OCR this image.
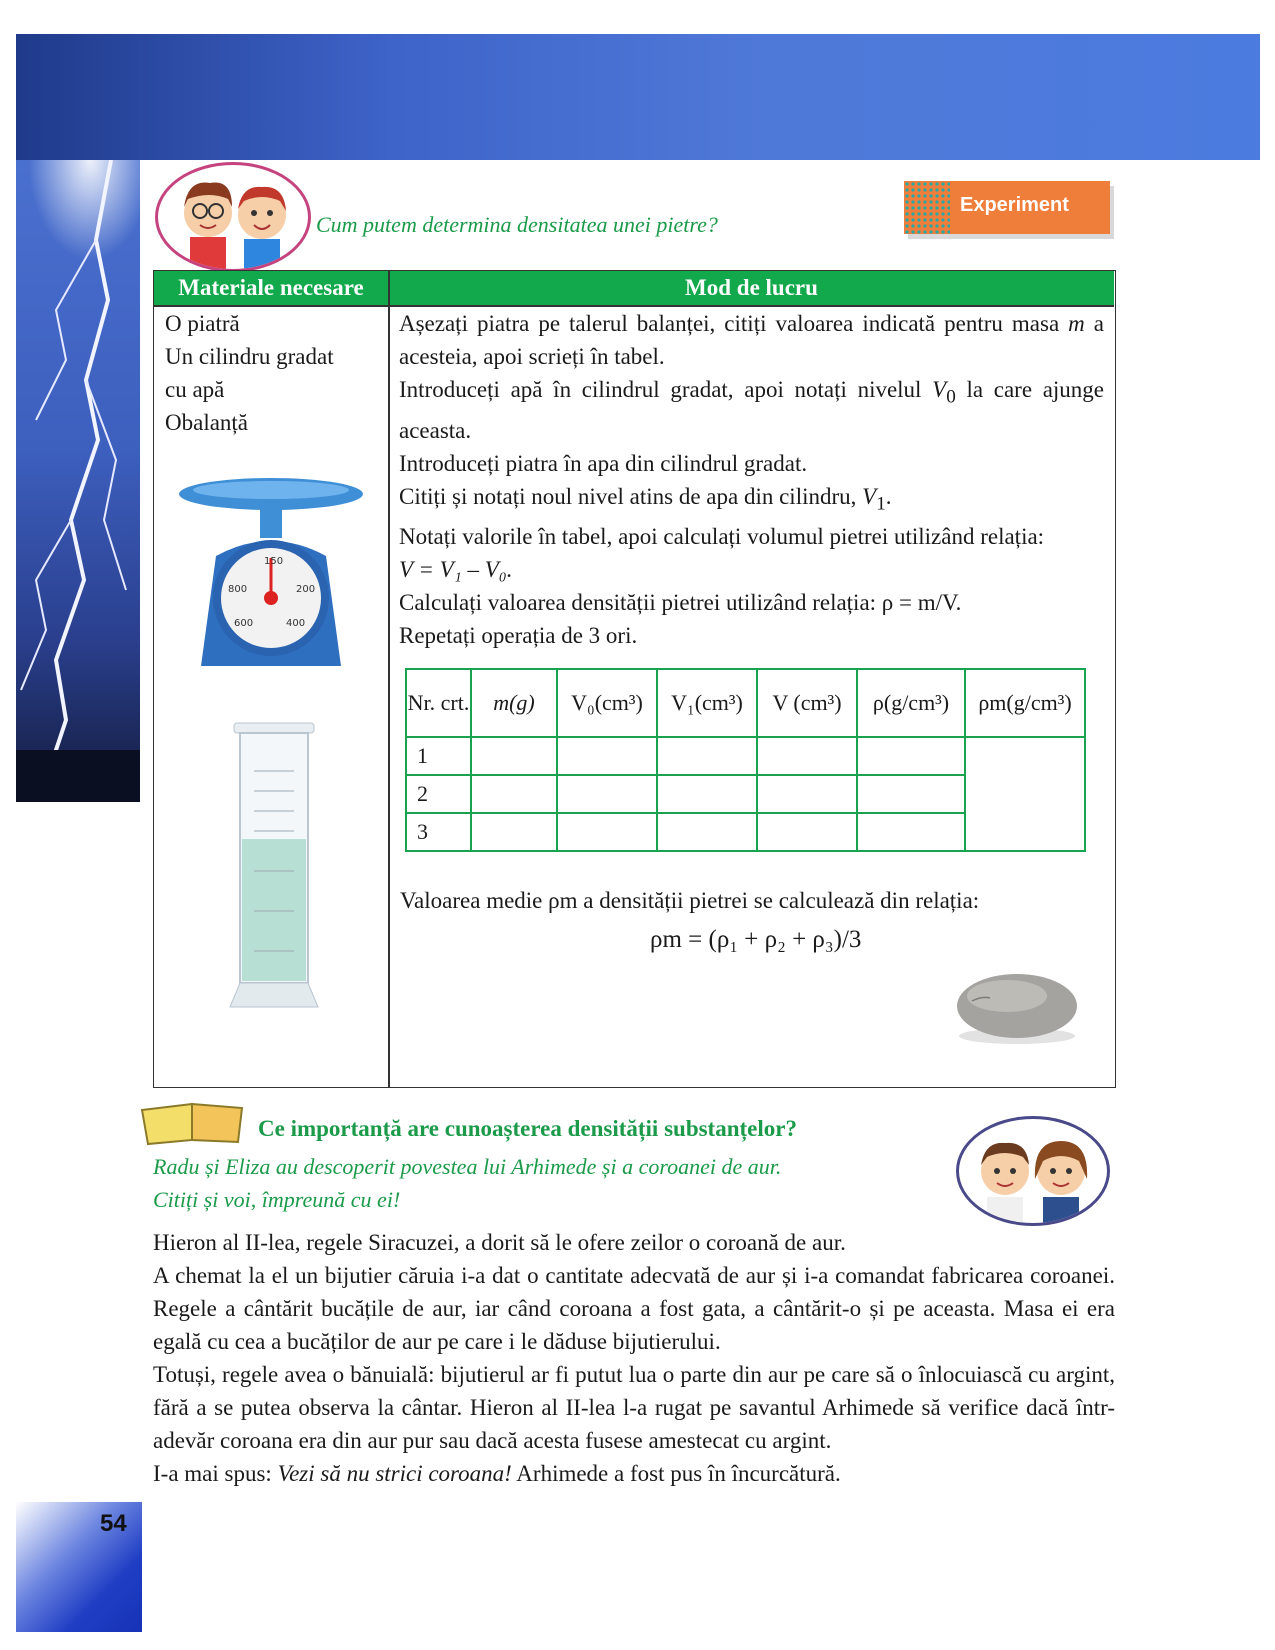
Cum putem determina densitatea unei pietre?
Experiment
Materiale necesare	Mod de lucru
O piatră
Un cilindru gradat
cu apă
Obalanță
150
800	200
600	400

Așezați piatra pe talerul balanței, citiți valoarea indicată pentru masa m a acesteia, apoi scrieți în tabel.

Introduceți apă în cilindrul gradat, apoi notați nivelul $V_0$ la care ajunge aceasta.

Introduceți piatra în apa din cilindrul gradat.

Citiți și notați noul nivel atins de apa din cilindru, $V_1$.

Notați valorile în tabel, apoi calculați volumul pietrei utilizând relația:

V = V₁ – V₀.

Calculați valoarea densității pietrei utilizând relația: ρ = m/V.

Repetați operația de 3 ori.

Nr. crt.	m(g)	V₀(cm³)	V₁(cm³)	V (cm³)	ρ(g/cm³)	ρm(g/cm³)
1						
2						
3						
Valoarea medie ρm a densității pietrei se calculează din relația:
ρm = (ρ₁ + ρ₂ + ρ₃)/3
Ce importanță are cunoașterea densității substanțelor?
Radu și Eliza au descoperit povestea lui Arhimede și a coroanei de aur.
Citiți și voi, împreună cu ei!

Hieron al II-lea, regele Siracuzei, a dorit să le ofere zeilor o coroană de aur.

A chemat la el un bijutier căruia i-a dat o cantitate adecvată de aur și i-a comandat fabricarea coroanei. Regele a cântărit bucățile de aur, iar când coroana a fost gata, a cântărit-o și pe aceasta. Masa ei era egală cu cea a bucăților de aur pe care i le dăduse bijutierului.

Totuși, regele avea o bănuială: bijutierul ar fi putut lua o parte din aur pe care să o înlocuiască cu argint, fără a se putea observa la cântar. Hieron al II-lea l-a rugat pe savantul Arhimede să verifice dacă într-adevăr coroana era din aur pur sau dacă acesta fusese amestecat cu argint.

I-a mai spus: Vezi să nu strici coroana! Arhimede a fost pus în încurcătură.

54
